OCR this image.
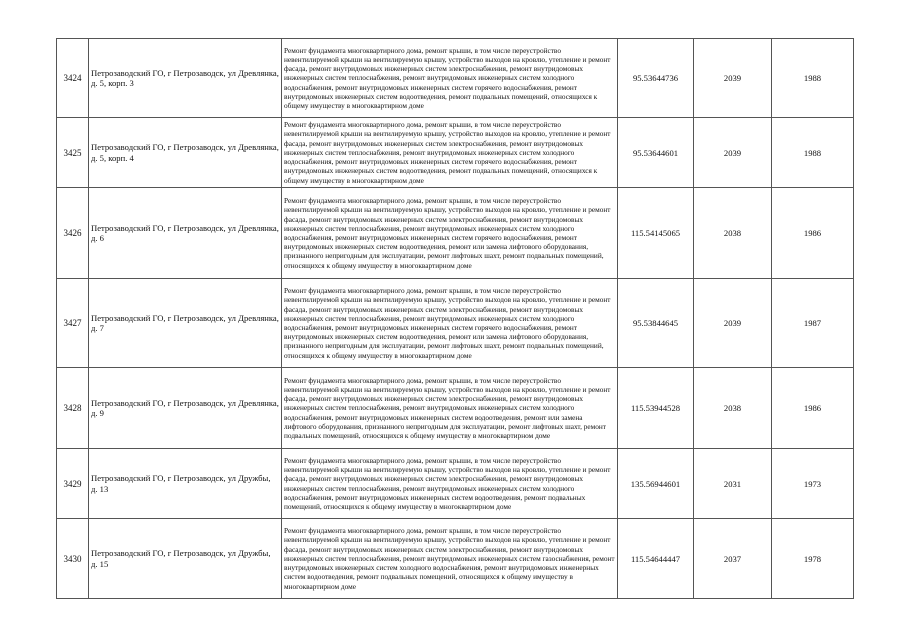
3424	Петрозаводский ГО, г Петрозаводск, ул Древлянка, д. 5, корп. 3	Ремонт фундамента многоквартирного дома, ремонт крыши, в том числе переустройство невентилируемой крыши на вентилируемую крышу, устройство выходов на кровлю, утепление и ремонт фасада, ремонт внутридомовых инженерных систем электроснабжения, ремонт внутридомовых инженерных систем теплоснабжения, ремонт внутридомовых инженерных систем холодного водоснабжения, ремонт внутридомовых инженерных систем горячего водоснабжения, ремонт внутридомовых инженерных систем водоотведения, ремонт подвальных помещений, относящихся к общему имуществу в многоквартирном доме	95.53644736	2039	1988
3425	Петрозаводский ГО, г Петрозаводск, ул Древлянка, д. 5, корп. 4	Ремонт фундамента многоквартирного дома, ремонт крыши, в том числе переустройство невентилируемой крыши на вентилируемую крышу, устройство выходов на кровлю, утепление и ремонт фасада, ремонт внутридомовых инженерных систем электроснабжения, ремонт внутридомовых инженерных систем теплоснабжения, ремонт внутридомовых инженерных систем холодного водоснабжения, ремонт внутридомовых инженерных систем горячего водоснабжения, ремонт внутридомовых инженерных систем водоотведения, ремонт подвальных помещений, относящихся к общему имуществу в многоквартирном доме	95.53644601	2039	1988
3426	Петрозаводский ГО, г Петрозаводск, ул Древлянка, д. 6	Ремонт фундамента многоквартирного дома, ремонт крыши, в том числе переустройство невентилируемой крыши на вентилируемую крышу, устройство выходов на кровлю, утепление и ремонт фасада, ремонт внутридомовых инженерных систем электроснабжения, ремонт внутридомовых инженерных систем теплоснабжения, ремонт внутридомовых инженерных систем холодного водоснабжения, ремонт внутридомовых инженерных систем горячего водоснабжения, ремонт внутридомовых инженерных систем водоотведения, ремонт или замена лифтового оборудования, признанного непригодным для эксплуатации, ремонт лифтовых шахт, ремонт подвальных помещений, относящихся к общему имуществу в многоквартирном доме	115.54145065	2038	1986
3427	Петрозаводский ГО, г Петрозаводск, ул Древлянка, д. 7	Ремонт фундамента многоквартирного дома, ремонт крыши, в том числе переустройство невентилируемой крыши на вентилируемую крышу, устройство выходов на кровлю, утепление и ремонт фасада, ремонт внутридомовых инженерных систем электроснабжения, ремонт внутридомовых инженерных систем теплоснабжения, ремонт внутридомовых инженерных систем холодного водоснабжения, ремонт внутридомовых инженерных систем горячего водоснабжения, ремонт внутридомовых инженерных систем водоотведения, ремонт или замена лифтового оборудования, признанного непригодным для эксплуатации, ремонт лифтовых шахт, ремонт подвальных помещений, относящихся к общему имуществу в многоквартирном доме	95.53844645	2039	1987
3428	Петрозаводский ГО, г Петрозаводск, ул Древлянка, д. 9	Ремонт фундамента многоквартирного дома, ремонт крыши, в том числе переустройство невентилируемой крыши на вентилируемую крышу, устройство выходов на кровлю, утепление и ремонт фасада, ремонт внутридомовых инженерных систем электроснабжения, ремонт внутридомовых инженерных систем теплоснабжения, ремонт внутридомовых инженерных систем холодного водоснабжения, ремонт внутридомовых инженерных систем водоотведения, ремонт или замена лифтового оборудования, признанного непригодным для эксплуатации, ремонт лифтовых шахт, ремонт подвальных помещений, относящихся к общему имуществу в многоквартирном доме	115.53944528	2038	1986
3429	Петрозаводский ГО, г Петрозаводск, ул Дружбы, д. 13	Ремонт фундамента многоквартирного дома, ремонт крыши, в том числе переустройство невентилируемой крыши на вентилируемую крышу, устройство выходов на кровлю, утепление и ремонт фасада, ремонт внутридомовых инженерных систем электроснабжения, ремонт внутридомовых инженерных систем теплоснабжения, ремонт внутридомовых инженерных систем холодного водоснабжения, ремонт внутридомовых инженерных систем водоотведения, ремонт подвальных помещений, относящихся к общему имуществу в многоквартирном доме	135.56944601	2031	1973
3430	Петрозаводский ГО, г Петрозаводск, ул Дружбы, д. 15	Ремонт фундамента многоквартирного дома, ремонт крыши, в том числе переустройство невентилируемой крыши на вентилируемую крышу, устройство выходов на кровлю, утепление и ремонт фасада, ремонт внутридомовых инженерных систем электроснабжения, ремонт внутридомовых инженерных систем теплоснабжения, ремонт внутридомовых инженерных систем газоснабжения, ремонт внутридомовых инженерных систем холодного водоснабжения, ремонт внутридомовых инженерных систем водоотведения, ремонт подвальных помещений, относящихся к общему имуществу в многоквартирном доме	115.54644447	2037	1978
